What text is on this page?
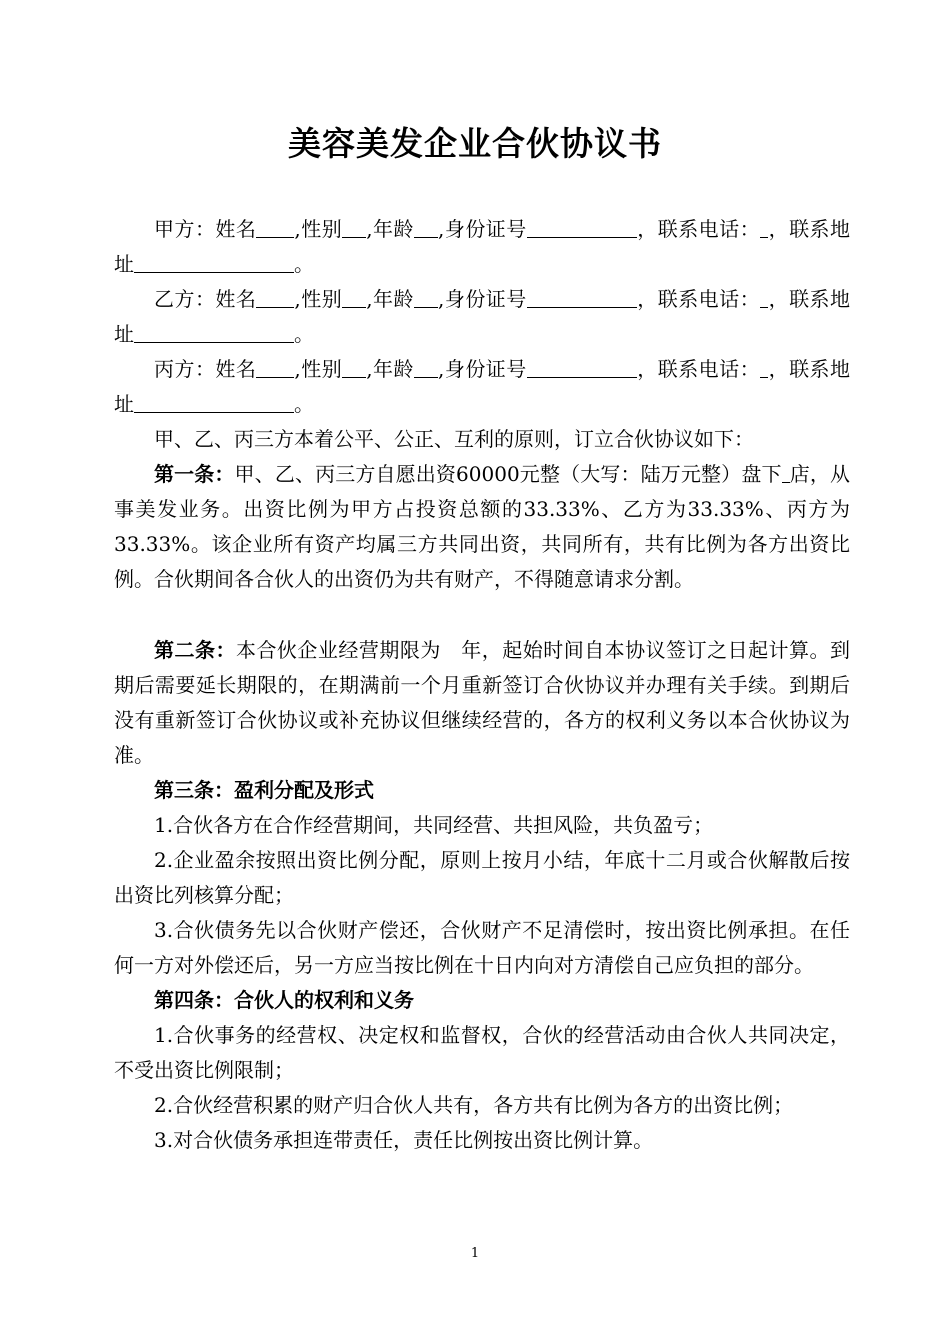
美容美发企业合伙协议书

甲方：姓名 ,性别 ,年龄 ,身份证号	，联系电话： ，联系地址	。

乙方：姓名 ,性别 ,年龄 ,身份证号	，联系电话： ，联系地址	。

丙方：姓名 ,性别 ,年龄 ,身份证号	，联系电话： ，联系地址	。

甲、乙、丙三方本着公平、公正、互利的原则，订立合伙协议如下：

第一条：甲、乙、丙三方自愿出资60000元整（大写：陆万元整）盘下 店，从事美发业务。出资比例为甲方占投资总额的33.33%、乙方为33.33%、丙方为33.33%。该企业所有资产均属三方共同出资，共同所有，共有比例为各方出资比例。合伙期间各合伙人的出资仍为共有财产，不得随意请求分割。

第二条：本合伙企业经营期限为　年，起始时间自本协议签订之日起计算。到期后需要延长期限的，在期满前一个月重新签订合伙协议并办理有关手续。到期后没有重新签订合伙协议或补充协议但继续经营的，各方的权利义务以本合伙协议为准。

第三条：盈利分配及形式

1.合伙各方在合作经营期间，共同经营、共担风险，共负盈亏；

2.企业盈余按照出资比例分配，原则上按月小结，年底十二月或合伙解散后按出资比列核算分配；

3.合伙债务先以合伙财产偿还，合伙财产不足清偿时，按出资比例承担。在任何一方对外偿还后，另一方应当按比例在十日内向对方清偿自己应负担的部分。

第四条：合伙人的权利和义务

1.合伙事务的经营权、决定权和监督权，合伙的经营活动由合伙人共同决定，不受出资比例限制；

2.合伙经营积累的财产归合伙人共有，各方共有比例为各方的出资比例；

3.对合伙债务承担连带责任，责任比例按出资比例计算。

1
